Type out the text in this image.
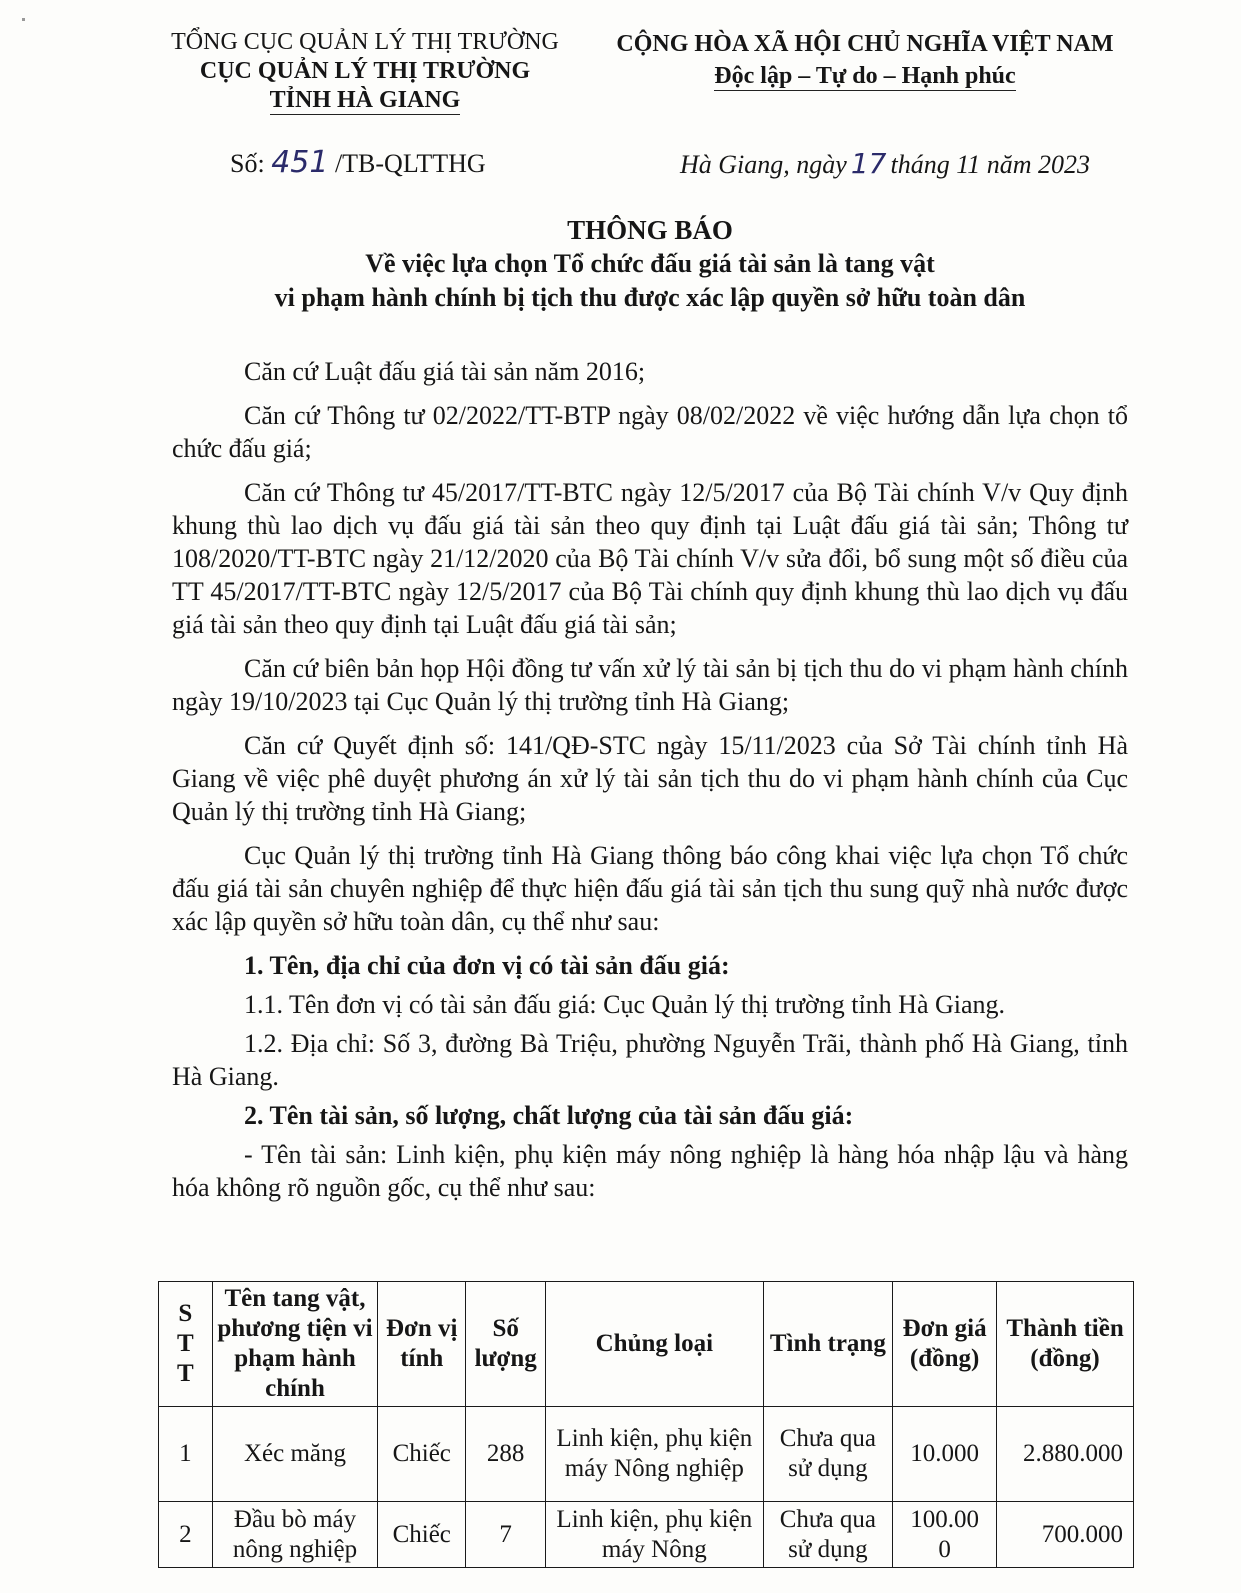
TỔNG CỤC QUẢN LÝ THỊ TRƯỜNG
CỤC QUẢN LÝ THỊ TRƯỜNG
TỈNH HÀ GIANG
CỘNG HÒA XÃ HỘI CHỦ NGHĨA VIỆT NAM
Độc lập – Tự do – Hạnh phúc
Số: 451 /TB-QLTTHG	Hà Giang, ngày 17 tháng 11 năm 2023
THÔNG BÁO
Về việc lựa chọn Tổ chức đấu giá tài sản là tang vật
vi phạm hành chính bị tịch thu được xác lập quyền sở hữu toàn dân

Căn cứ Luật đấu giá tài sản năm 2016;

Căn cứ Thông tư 02/2022/TT-BTP ngày 08/02/2022 về việc hướng dẫn lựa chọn tổ chức đấu giá;

Căn cứ Thông tư 45/2017/TT-BTC ngày 12/5/2017 của Bộ Tài chính V/v Quy định khung thù lao dịch vụ đấu giá tài sản theo quy định tại Luật đấu giá tài sản; Thông tư 108/2020/TT-BTC ngày 21/12/2020 của Bộ Tài chính V/v sửa đổi, bổ sung một số điều của TT 45/2017/TT-BTC ngày 12/5/2017 của Bộ Tài chính quy định khung thù lao dịch vụ đấu giá tài sản theo quy định tại Luật đấu giá tài sản;

Căn cứ biên bản họp Hội đồng tư vấn xử lý tài sản bị tịch thu do vi phạm hành chính ngày 19/10/2023 tại Cục Quản lý thị trường tỉnh Hà Giang;

Căn cứ Quyết định số: 141/QĐ-STC ngày 15/11/2023 của Sở Tài chính tỉnh Hà Giang về việc phê duyệt phương án xử lý tài sản tịch thu do vi phạm hành chính của Cục Quản lý thị trường tỉnh Hà Giang;

Cục Quản lý thị trường tỉnh Hà Giang thông báo công khai việc lựa chọn Tổ chức đấu giá tài sản chuyên nghiệp để thực hiện đấu giá tài sản tịch thu sung quỹ nhà nước được xác lập quyền sở hữu toàn dân, cụ thể như sau:

1. Tên, địa chỉ của đơn vị có tài sản đấu giá:

1.1. Tên đơn vị có tài sản đấu giá: Cục Quản lý thị trường tỉnh Hà Giang.

1.2. Địa chỉ: Số 3, đường Bà Triệu, phường Nguyễn Trãi, thành phố Hà Giang, tỉnh Hà Giang.

2. Tên tài sản, số lượng, chất lượng của tài sản đấu giá:

- Tên tài sản: Linh kiện, phụ kiện máy nông nghiệp là hàng hóa nhập lậu và hàng hóa không rõ nguồn gốc, cụ thể như sau:

S T T	Tên tang vật, phương tiện vi phạm hành chính	Đơn vị tính	Số lượng	Chủng loại	Tình trạng	Đơn giá (đồng)	Thành tiền (đồng)
1	Xéc măng	Chiếc	288	Linh kiện, phụ kiện máy Nông nghiệp	Chưa qua sử dụng	10.000	2.880.000
2	Đầu bò máy nông nghiệp	Chiếc	7	Linh kiện, phụ kiện máy Nông	Chưa qua sử dụng	100.00 0	700.000
